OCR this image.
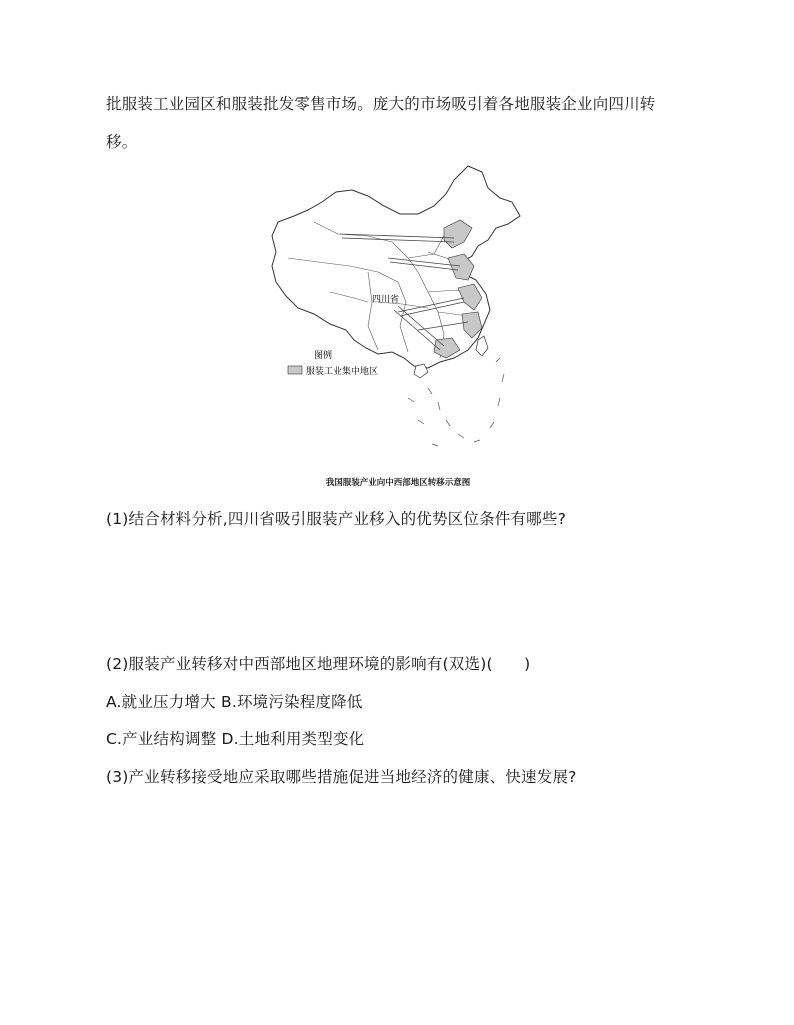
批服装工业园区和服装批发零售市场。庞大的市场吸引着各地服装企业向四川转
移。
四川省
图例
服装工业集中地区
我国服装产业向中西部地区转移示意图
(1)结合材料分析,四川省吸引服装产业移入的优势区位条件有哪些?
(2)服装产业转移对中西部地区地理环境的影响有(双选)(　　)
A.就业压力增大 B.环境污染程度降低
C.产业结构调整 D.土地利用类型变化
(3)产业转移接受地应采取哪些措施促进当地经济的健康、快速发展?
